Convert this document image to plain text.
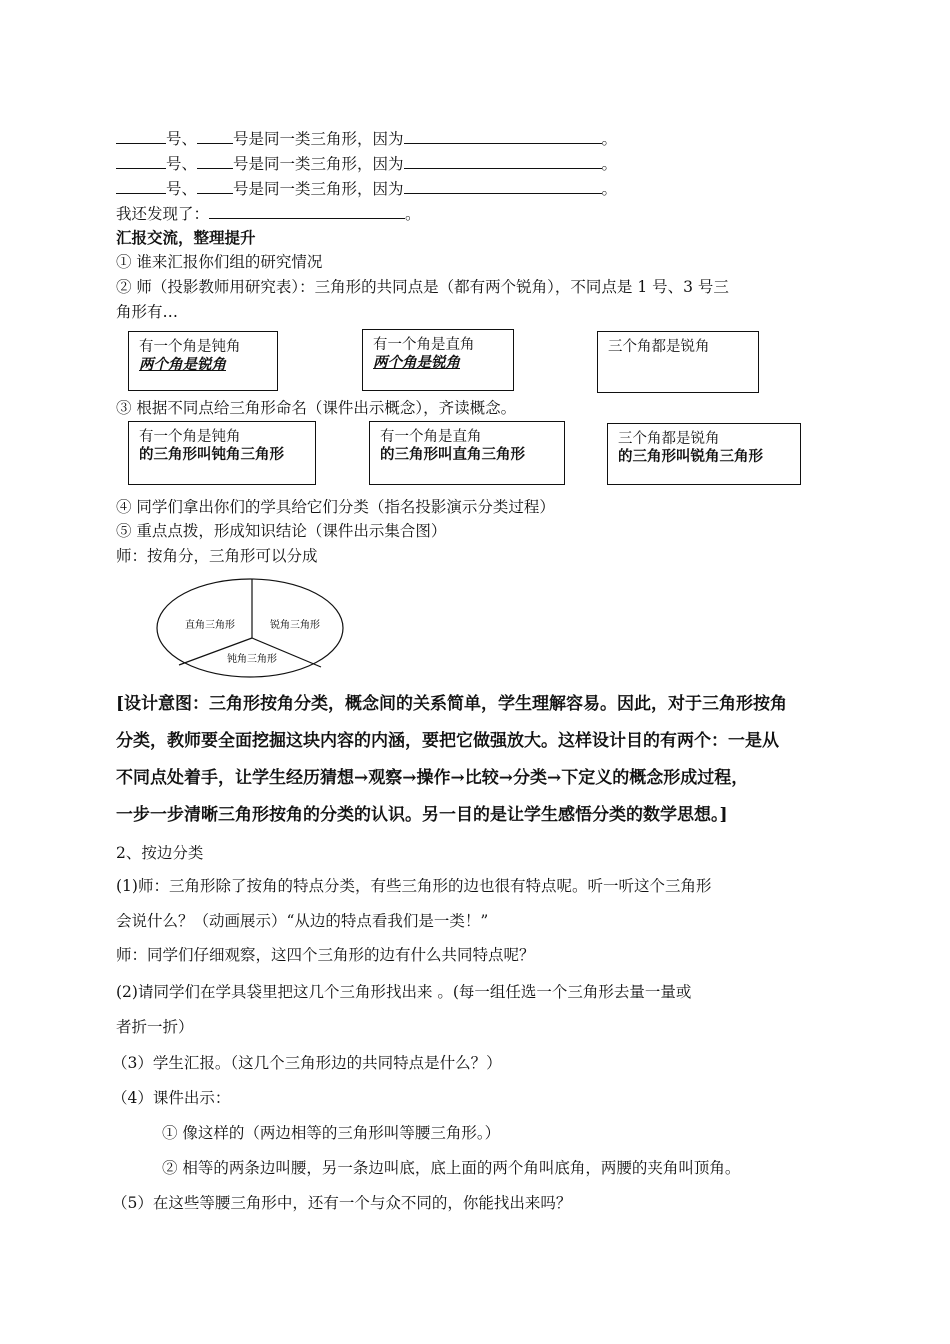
号、 号是同一类三角形，因为	。
号、 号是同一类三角形，因为	。
号、 号是同一类三角形，因为	。
我还发现了：	。
汇报交流，整理提升
① 谁来汇报你们组的研究情况
② 师（投影教师用研究表）：三角形的共同点是（都有两个锐角），不同点是 1 号、3 号三
角形有…
有一个角是钝角
两个角是锐角
有一个角是直角
两个角是锐角
三个角都是锐角
③ 根据不同点给三角形命名（课件出示概念），齐读概念。
有一个角是钝角
的三角形叫钝角三角形
有一个角是直角
的三角形叫直角三角形
三个角都是锐角
的三角形叫锐角三角形
④ 同学们拿出你们的学具给它们分类（指名投影演示分类过程）
⑤ 重点点拨，形成知识结论（课件出示集合图）
师：按角分，三角形可以分成
直角三角形	锐角三角形
钝角三角形

[设计意图：三角形按角分类，概念间的关系简单，学生理解容易。因此，对于三角形按角

分类，教师要全面挖掘这块内容的内涵，要把它做强放大。这样设计目的有两个：一是从

不同点处着手，让学生经历猜想→观察→操作→比较→分类→下定义的概念形成过程，

一步一步清晰三角形按角的分类的认识。另一目的是让学生感悟分类的数学思想。]

2、按边分类
(1)师：三角形除了按角的特点分类，有些三角形的边也很有特点呢。听一听这个三角形
会说什么？（动画展示）“从边的特点看我们是一类！”
师：同学们仔细观察，这四个三角形的边有什么共同特点呢？
(2)请同学们在学具袋里把这几个三角形找出来 。(每一组任选一个三角形去量一量或
者折一折）
（3）学生汇报。（这几个三角形边的共同特点是什么？）
（4）课件出示：
① 像这样的（两边相等的三角形叫等腰三角形。）
② 相等的两条边叫腰，另一条边叫底，底上面的两个角叫底角，两腰的夹角叫顶角。
（5）在这些等腰三角形中，还有一个与众不同的，你能找出来吗？
